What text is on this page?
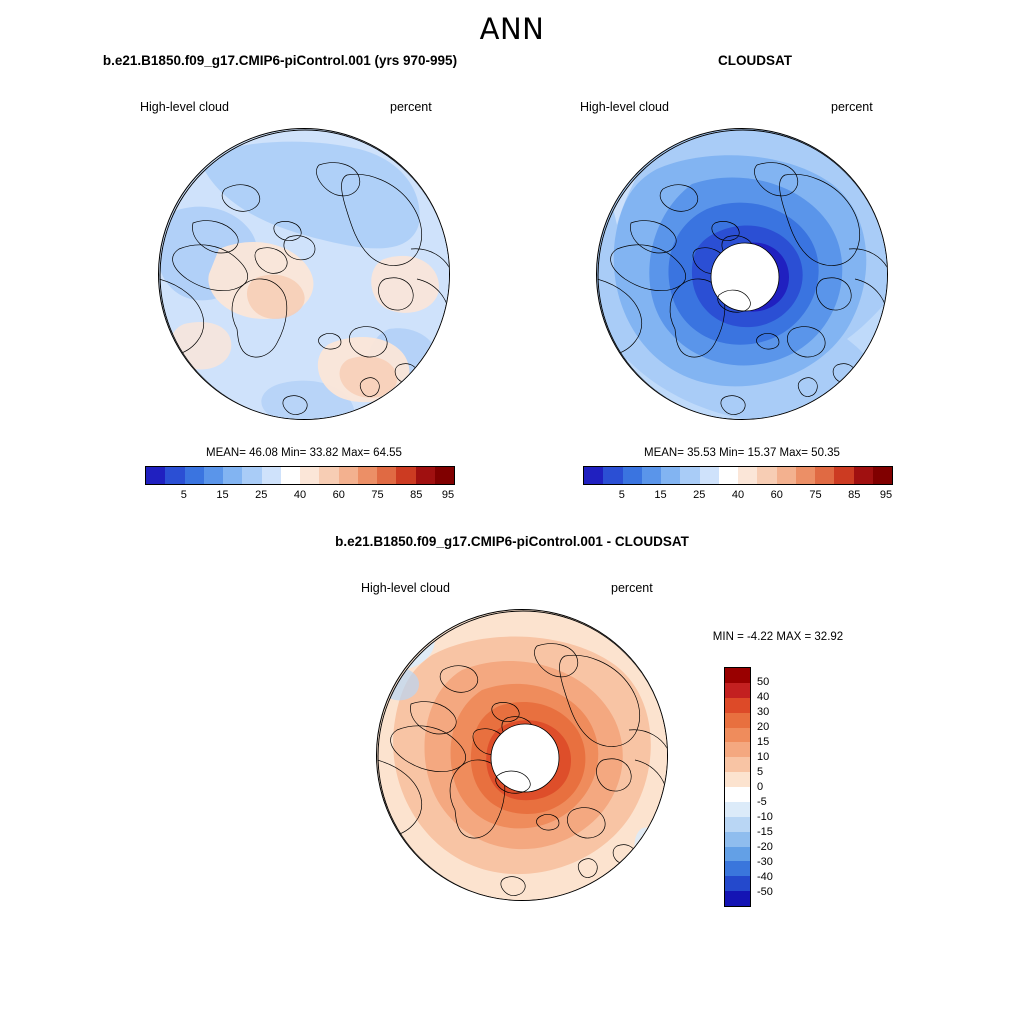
ANN
b.e21.B1850.f09_g17.CMIP6-piControl.001 (yrs 970-995)
High-level cloud	percent
MEAN= 46.08 Min= 33.82 Max= 64.55
5	15 25 40 60 75 85 95
CLOUDSAT
High-level cloud	percent
MEAN= 35.53 Min= 15.37 Max= 50.35
5	15 25 40 60 75 85 95
b.e21.B1850.f09_g17.CMIP6-piControl.001 - CLOUDSAT
High-level cloud	percent
MIN = -4.22 MAX = 32.92
50
40
30
20
15
10
5
0
-5
-10
-15
-20
-30
-40
-50
